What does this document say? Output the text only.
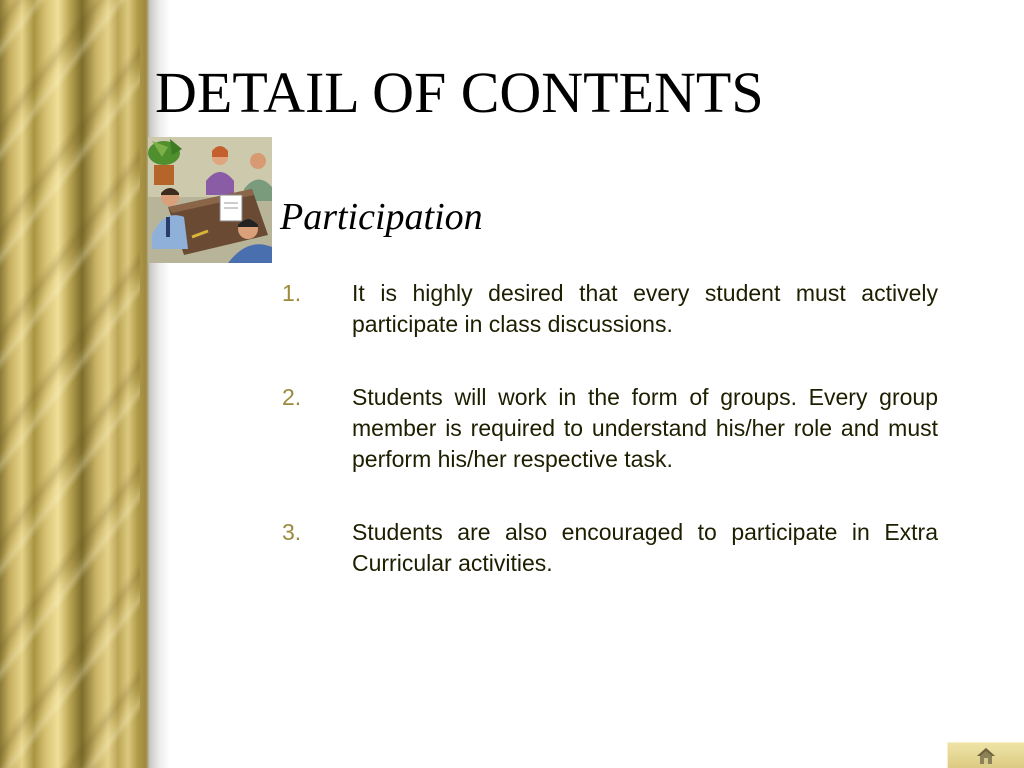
DETAIL OF CONTENTS
Participation
1. It is highly desired that every student must actively participate in class discussions.
2. Students will work in the form of groups. Every group member is required to understand his/her role and must perform his/her respective task.
3. Students are also encouraged to participate in Extra Curricular activities.
